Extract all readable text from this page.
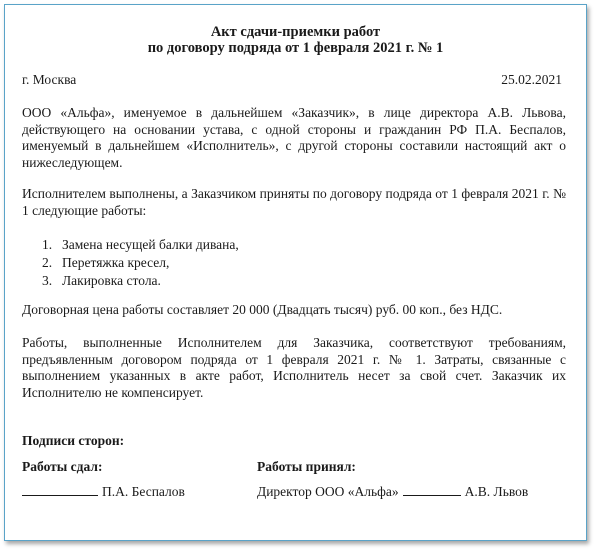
Акт сдачи-приемки работ

по договору подряда от 1 февраля 2021 г. № 1

г. Москва	25.02.2021

ООО «Альфа», именуемое в дальнейшем «Заказчик», в лице директора А.В. Львова, действующего на основании устава, с одной стороны и гражданин РФ П.А. Беспалов, именуемый в дальнейшем «Исполнитель», с другой стороны составили настоящий акт о нижеследующем.

Исполнителем выполнены, а Заказчиком приняты по договору подряда от 1 февраля 2021 г. № 1 следующие работы:

1. Замена несущей балки дивана,
2. Перетяжка кресел,
3. Лакировка стола.

Договорная цена работы составляет 20 000 (Двадцать тысяч) руб. 00 коп., без НДС.

Работы, выполненные Исполнителем для Заказчика, соответствуют требованиям, предъявленным договором подряда от 1 февраля 2021 г. № 1. Затраты, связанные с выполнением указанных в акте работ, Исполнитель несет за свой счет. Заказчик их Исполнителю не компенсирует.

Подписи сторон:

Работы сдал:	Работы принял:

П.А. Беспалов	Директор ООО «Альфа»	А.В. Львов
